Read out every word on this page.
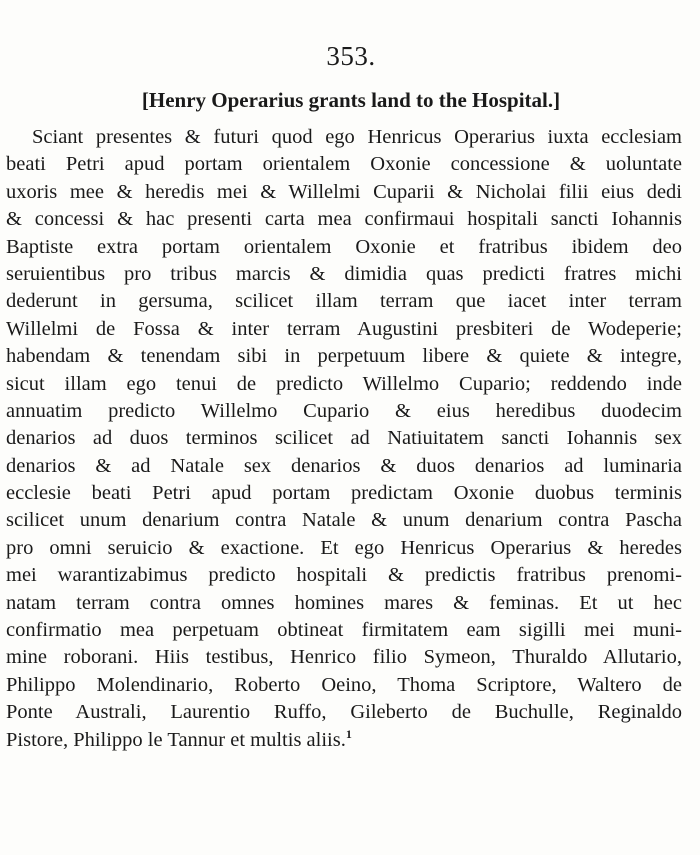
353.
[Henry Operarius grants land to the Hospital.]
Sciant presentes & futuri quod ego Henricus Operarius iuxta ecclesiam
beati Petri apud portam orientalem Oxonie concessione & uoluntate
uxoris mee & heredis mei & Willelmi Cuparii & Nicholai filii eius dedi
& concessi & hac presenti carta mea confirmaui hospitali sancti Iohannis
Baptiste extra portam orientalem Oxonie et fratribus ibidem deo
seruientibus pro tribus marcis & dimidia quas predicti fratres michi
dederunt in gersuma, scilicet illam terram que iacet inter terram
Willelmi de Fossa & inter terram Augustini presbiteri de Wodeperie;
habendam & tenendam sibi in perpetuum libere & quiete & integre,
sicut illam ego tenui de predicto Willelmo Cupario; reddendo inde
annuatim predicto Willelmo Cupario & eius heredibus duodecim
denarios ad duos terminos scilicet ad Natiuitatem sancti Iohannis sex
denarios & ad Natale sex denarios & duos denarios ad luminaria
ecclesie beati Petri apud portam predictam Oxonie duobus terminis
scilicet unum denarium contra Natale & unum denarium contra Pascha
pro omni seruicio & exactione. Et ego Henricus Operarius & heredes
mei warantizabimus predicto hospitali & predictis fratribus prenomi-
natam terram contra omnes homines mares & feminas. Et ut hec
confirmatio mea perpetuam obtineat firmitatem eam sigilli mei muni-
mine roborani. Hiis testibus, Henrico filio Symeon, Thuraldo Allutario,
Philippo Molendinario, Roberto Oeino, Thoma Scriptore, Waltero de
Ponte Australi, Laurentio Ruffo, Gileberto de Buchulle, Reginaldo
Pistore, Philippo le Tannur et multis aliis.$^1$
